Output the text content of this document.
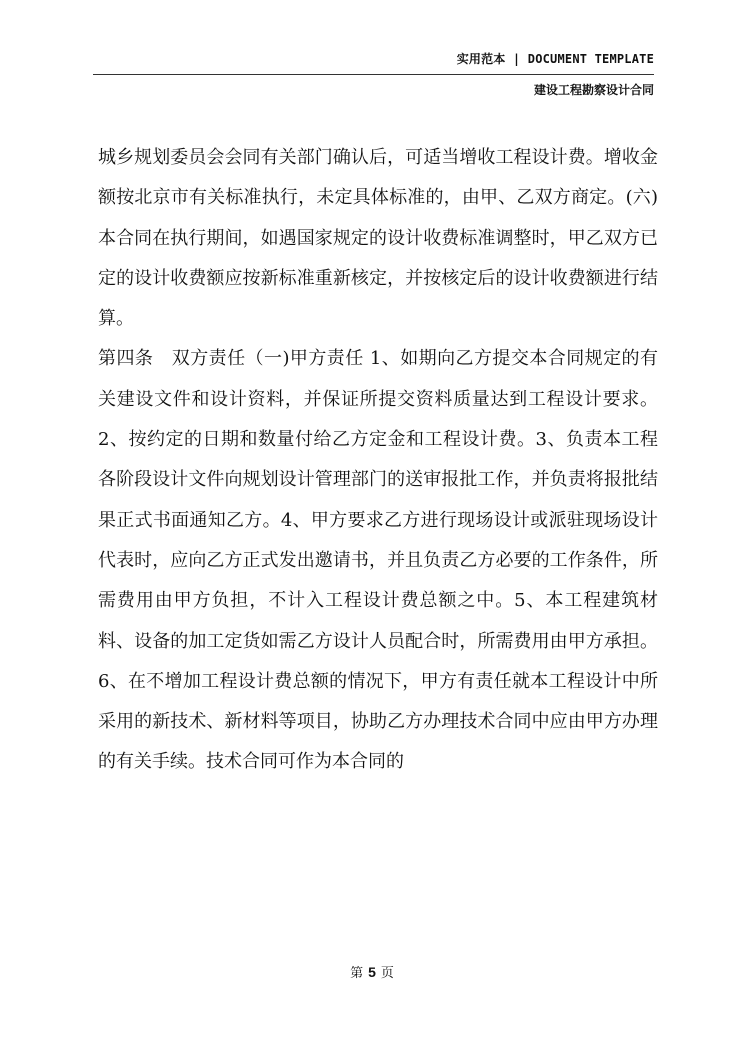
实用范本 | DOCUMENT TEMPLATE
建设工程勘察设计合同

城乡规划委员会会同有关部门确认后，可适当增收工程设计费。增收金额按北京市有关标准执行，未定具体标准的，由甲、乙双方商定。(六)本合同在执行期间，如遇国家规定的设计收费标准调整时，甲乙双方已定的设计收费额应按新标准重新核定，并按核定后的设计收费额进行结算。

第四条　双方责任（一)甲方责任 1、如期向乙方提交本合同规定的有关建设文件和设计资料，并保证所提交资料质量达到工程设计要求。2、按约定的日期和数量付给乙方定金和工程设计费。3、负责本工程各阶段设计文件向规划设计管理部门的送审报批工作，并负责将报批结果正式书面通知乙方。4、甲方要求乙方进行现场设计或派驻现场设计代表时，应向乙方正式发出邀请书，并且负责乙方必要的工作条件，所需费用由甲方负担，不计入工程设计费总额之中。5、本工程建筑材料、设备的加工定货如需乙方设计人员配合时，所需费用由甲方承担。6、在不增加工程设计费总额的情况下，甲方有责任就本工程设计中所采用的新技术、新材料等项目，协助乙方办理技术合同中应由甲方办理的有关手续。技术合同可作为本合同的

第 5 页
